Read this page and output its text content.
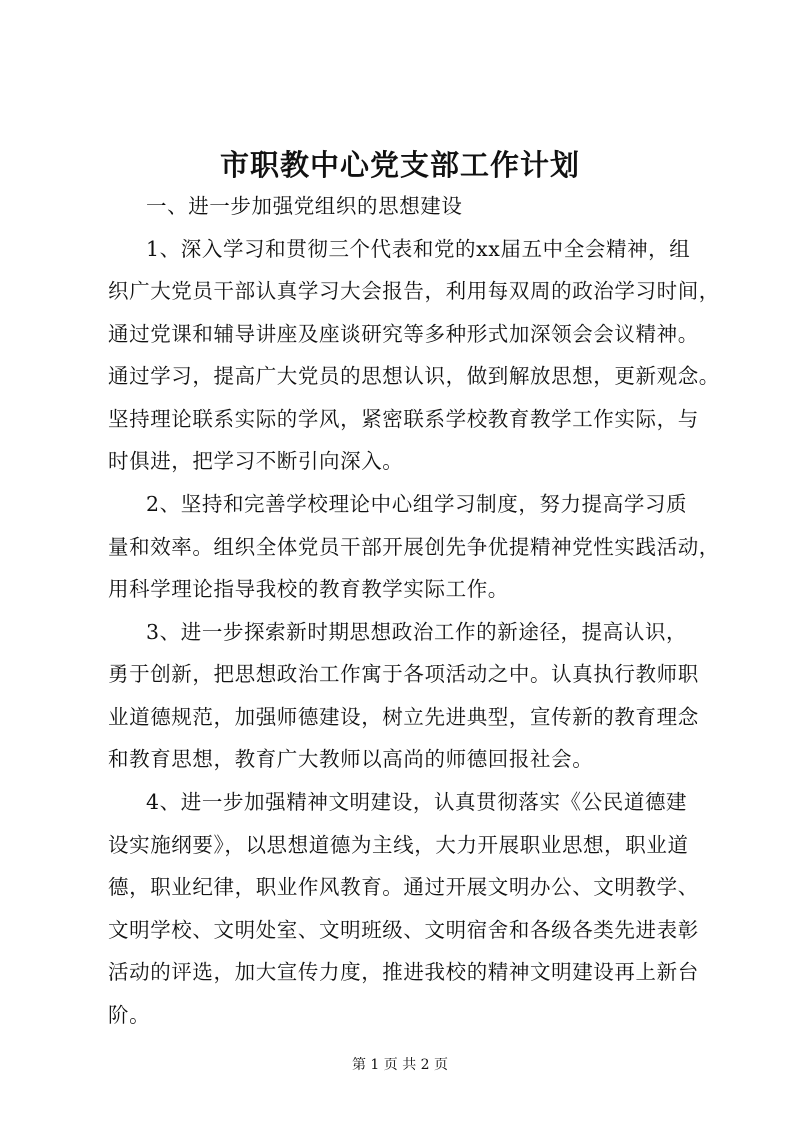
市职教中心党支部工作计划
一、进一步加强党组织的思想建设
1、深入学习和贯彻三个代表和党的xx届五中全会精神，组
织广大党员干部认真学习大会报告，利用每双周的政治学习时间，
通过党课和辅导讲座及座谈研究等多种形式加深领会会议精神。
通过学习，提高广大党员的思想认识，做到解放思想，更新观念。
坚持理论联系实际的学风，紧密联系学校教育教学工作实际，与
时俱进，把学习不断引向深入。
2、坚持和完善学校理论中心组学习制度，努力提高学习质
量和效率。组织全体党员干部开展创先争优提精神党性实践活动，
用科学理论指导我校的教育教学实际工作。
3、进一步探索新时期思想政治工作的新途径，提高认识，
勇于创新，把思想政治工作寓于各项活动之中。认真执行教师职
业道德规范，加强师德建设，树立先进典型，宣传新的教育理念
和教育思想，教育广大教师以高尚的师德回报社会。
4、进一步加强精神文明建设，认真贯彻落实《公民道德建
设实施纲要》，以思想道德为主线，大力开展职业思想，职业道
德，职业纪律，职业作风教育。通过开展文明办公、文明教学、
文明学校、文明处室、文明班级、文明宿舍和各级各类先进表彰
活动的评选，加大宣传力度，推进我校的精神文明建设再上新台
阶。
第 1 页 共 2 页
